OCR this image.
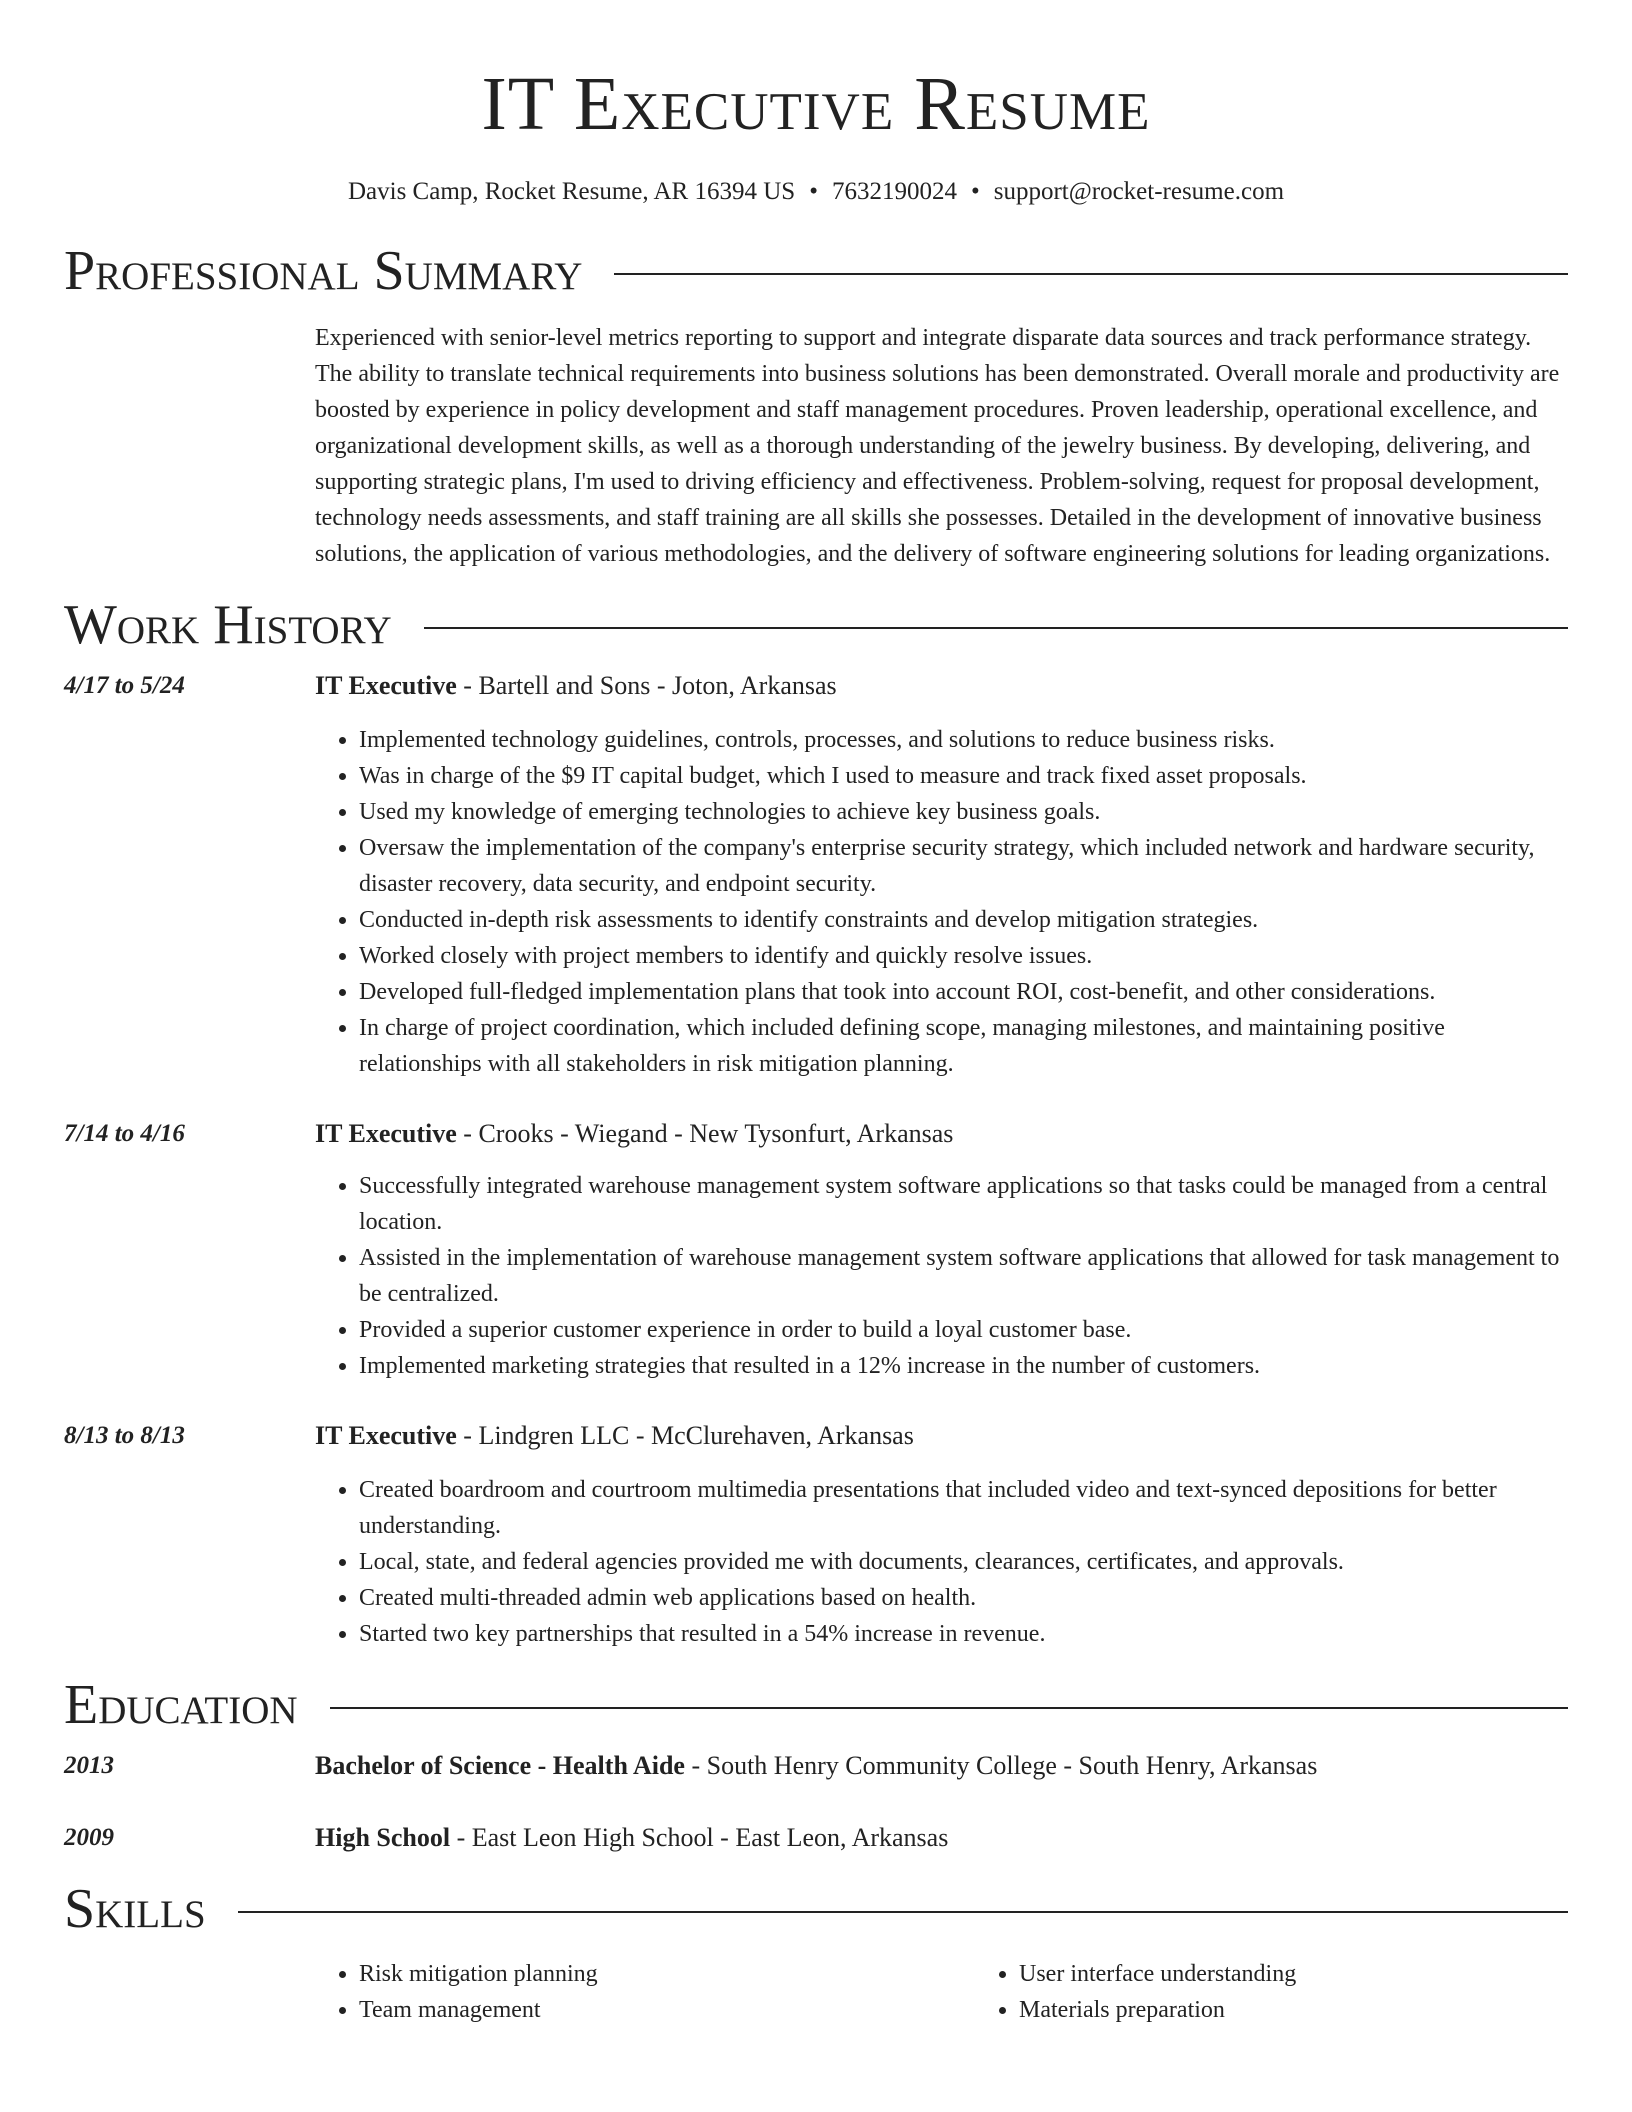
IT Executive Resume
Davis Camp, Rocket Resume, AR 16394 US • 7632190024 • support@rocket-resume.com
Professional Summary
Experienced with senior-level metrics reporting to support and integrate disparate data sources and track performance strategy. The ability to translate technical requirements into business solutions has been demonstrated. Overall morale and productivity are boosted by experience in policy development and staff management procedures. Proven leadership, operational excellence, and organizational development skills, as well as a thorough understanding of the jewelry business. By developing, delivering, and supporting strategic plans, I'm used to driving efficiency and effectiveness. Problem-solving, request for proposal development, technology needs assessments, and staff training are all skills she possesses. Detailed in the development of innovative business solutions, the application of various methodologies, and the delivery of software engineering solutions for leading organizations.
Work History
4/17 to 5/24	IT Executive - Bartell and Sons - Joton, Arkansas
• Implemented technology guidelines, controls, processes, and solutions to reduce business risks.
• Was in charge of the $9 IT capital budget, which I used to measure and track fixed asset proposals.
• Used my knowledge of emerging technologies to achieve key business goals.
• Oversaw the implementation of the company's enterprise security strategy, which included network and hardware security, disaster recovery, data security, and endpoint security.
• Conducted in-depth risk assessments to identify constraints and develop mitigation strategies.
• Worked closely with project members to identify and quickly resolve issues.
• Developed full-fledged implementation plans that took into account ROI, cost-benefit, and other considerations.
• In charge of project coordination, which included defining scope, managing milestones, and maintaining positive relationships with all stakeholders in risk mitigation planning.
7/14 to 4/16	IT Executive - Crooks - Wiegand - New Tysonfurt, Arkansas
• Successfully integrated warehouse management system software applications so that tasks could be managed from a central location.
• Assisted in the implementation of warehouse management system software applications that allowed for task management to be centralized.
• Provided a superior customer experience in order to build a loyal customer base.
• Implemented marketing strategies that resulted in a 12% increase in the number of customers.
8/13 to 8/13	IT Executive - Lindgren LLC - McClurehaven, Arkansas
• Created boardroom and courtroom multimedia presentations that included video and text-synced depositions for better understanding.
• Local, state, and federal agencies provided me with documents, clearances, certificates, and approvals.
• Created multi-threaded admin web applications based on health.
• Started two key partnerships that resulted in a 54% increase in revenue.
Education
2013	Bachelor of Science - Health Aide - South Henry Community College - South Henry, Arkansas
2009	High School - East Leon High School - East Leon, Arkansas
Skills
• Risk mitigation planning
• Team management
• User interface understanding
• Materials preparation
